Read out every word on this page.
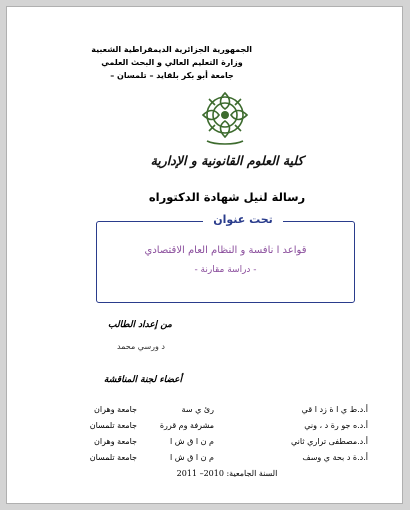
الجمهورية الجزائرية الديمقراطية الشعبية
وزارة التعليم العالي و البحث العلمي
جامعة أبو بكر بلقايد – تلمسان –
كلية العلوم القانونية و الإدارية
رسالة لنيل شهادة الدكتوراه
تحت عنوان
قواعد ا نافسة و النظام العام الاقتصادي
- دراسة مقارنة -
من إعداد الطالب
د ورسي محمد
أعضاء لجنة المناقشة
أ.د.ط ي ا ة زد ا قي
رئ ي سة
جامعة وهران
أ.د.ه جو رة د ، وني
مشرفة وم قررة
جامعة تلمسان
أ.د.مصطفى تراري ثاني
م ن ا ق ش ا
جامعة وهران
أ.د.ة د بحة ي وسف
م ن ا ق ش ا
جامعة تلمسان
السنة الجامعية: 2010– 2011
